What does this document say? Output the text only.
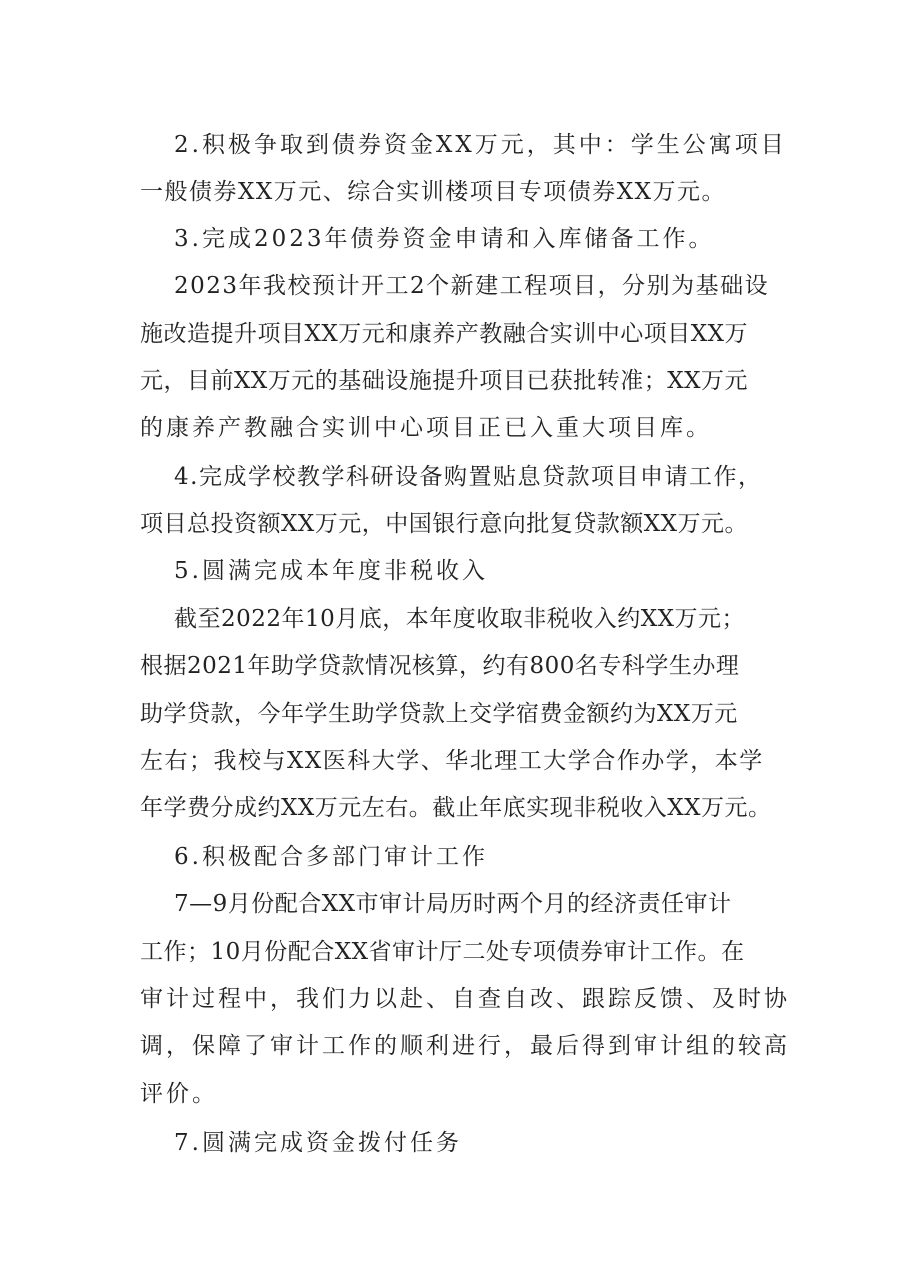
2.积极争取到债券资金XX万元，其中：学生公寓项目
一般债券XX万元、综合实训楼项目专项债券XX万元。
3.完成2023年债券资金申请和入库储备工作。
2023年我校预计开工2个新建工程项目，分别为基础设
施改造提升项目XX万元和康养产教融合实训中心项目XX万
元，目前XX万元的基础设施提升项目已获批转准；XX万元
的康养产教融合实训中心项目正已入重大项目库。
4.完成学校教学科研设备购置贴息贷款项目申请工作，
项目总投资额XX万元，中国银行意向批复贷款额XX万元。
5.圆满完成本年度非税收入
截至2022年10月底，本年度收取非税收入约XX万元；
根据2021年助学贷款情况核算，约有800名专科学生办理
助学贷款，今年学生助学贷款上交学宿费金额约为XX万元
左右；我校与XX医科大学、华北理工大学合作办学，本学
年学费分成约XX万元左右。截止年底实现非税收入XX万元。
6.积极配合多部门审计工作
7—9月份配合XX市审计局历时两个月的经济责任审计
工作；10月份配合XX省审计厅二处专项债券审计工作。在
审计过程中，我们力以赴、自查自改、跟踪反馈、及时协
调，保障了审计工作的顺利进行，最后得到审计组的较高
评价。
7.圆满完成资金拨付任务
